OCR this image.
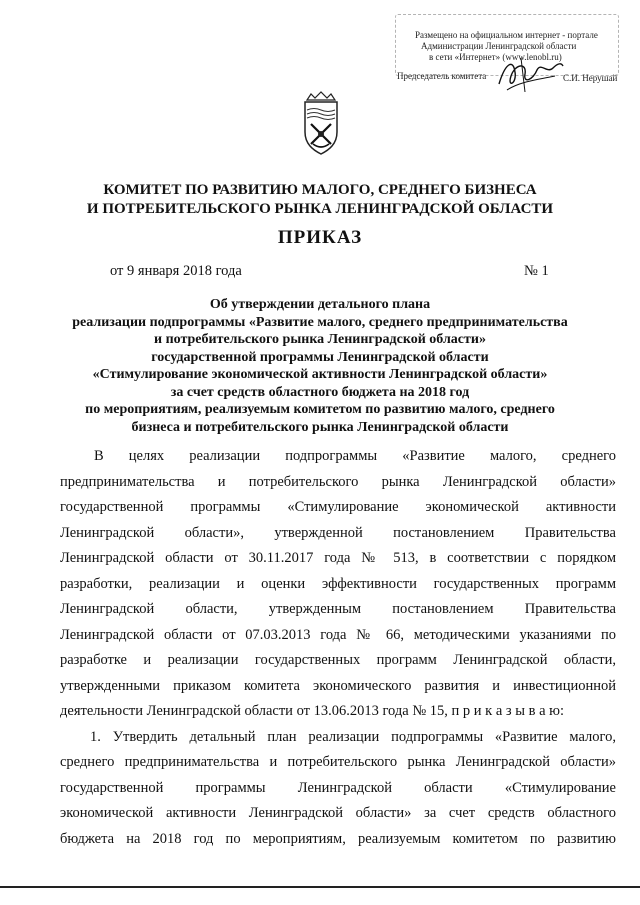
Размещено на официальном интернет - портале
Администрации Ленинградской области
в сети «Интернет» (www.lenobl.ru)
Председатель комитета	С.И. Нерушай
КОМИТЕТ ПО РАЗВИТИЮ МАЛОГО, СРЕДНЕГО БИЗНЕСА
И ПОТРЕБИТЕЛЬСКОГО РЫНКА ЛЕНИНГРАДСКОЙ ОБЛАСТИ
ПРИКАЗ
от 9 января 2018 года	№ 1
Об утверждении детального плана
реализации подпрограммы «Развитие малого, среднего предпринимательства
и потребительского рынка Ленинградской области»
государственной программы Ленинградской области
«Стимулирование экономической активности Ленинградской области»
за счет средств областного бюджета на 2018 год
по мероприятиям, реализуемым комитетом по развитию малого, среднего
бизнеса и потребительского рынка Ленинградской области
В целях реализации подпрограммы «Развитие малого, среднего
предпринимательства и потребительского рынка Ленинградской области»
государственной программы «Стимулирование экономической активности
Ленинградской области», утвержденной постановлением Правительства
Ленинградской области от 30.11.2017 года № 513, в соответствии с порядком
разработки, реализации и оценки эффективности государственных программ
Ленинградской области, утвержденным постановлением Правительства
Ленинградской области от 07.03.2013 года № 66, методическими указаниями по
разработке и реализации государственных программ Ленинградской области,
утвержденными приказом комитета экономического развития и инвестиционной
деятельности Ленинградской области от 13.06.2013 года № 15, п р и к а з ы в а ю:
1. Утвердить детальный план реализации подпрограммы «Развитие малого,
среднего предпринимательства и потребительского рынка Ленинградской области»
государственной программы Ленинградской области «Стимулирование
экономической активности Ленинградской области» за счет средств областного
бюджета на 2018 год по мероприятиям, реализуемым комитетом по развитию
